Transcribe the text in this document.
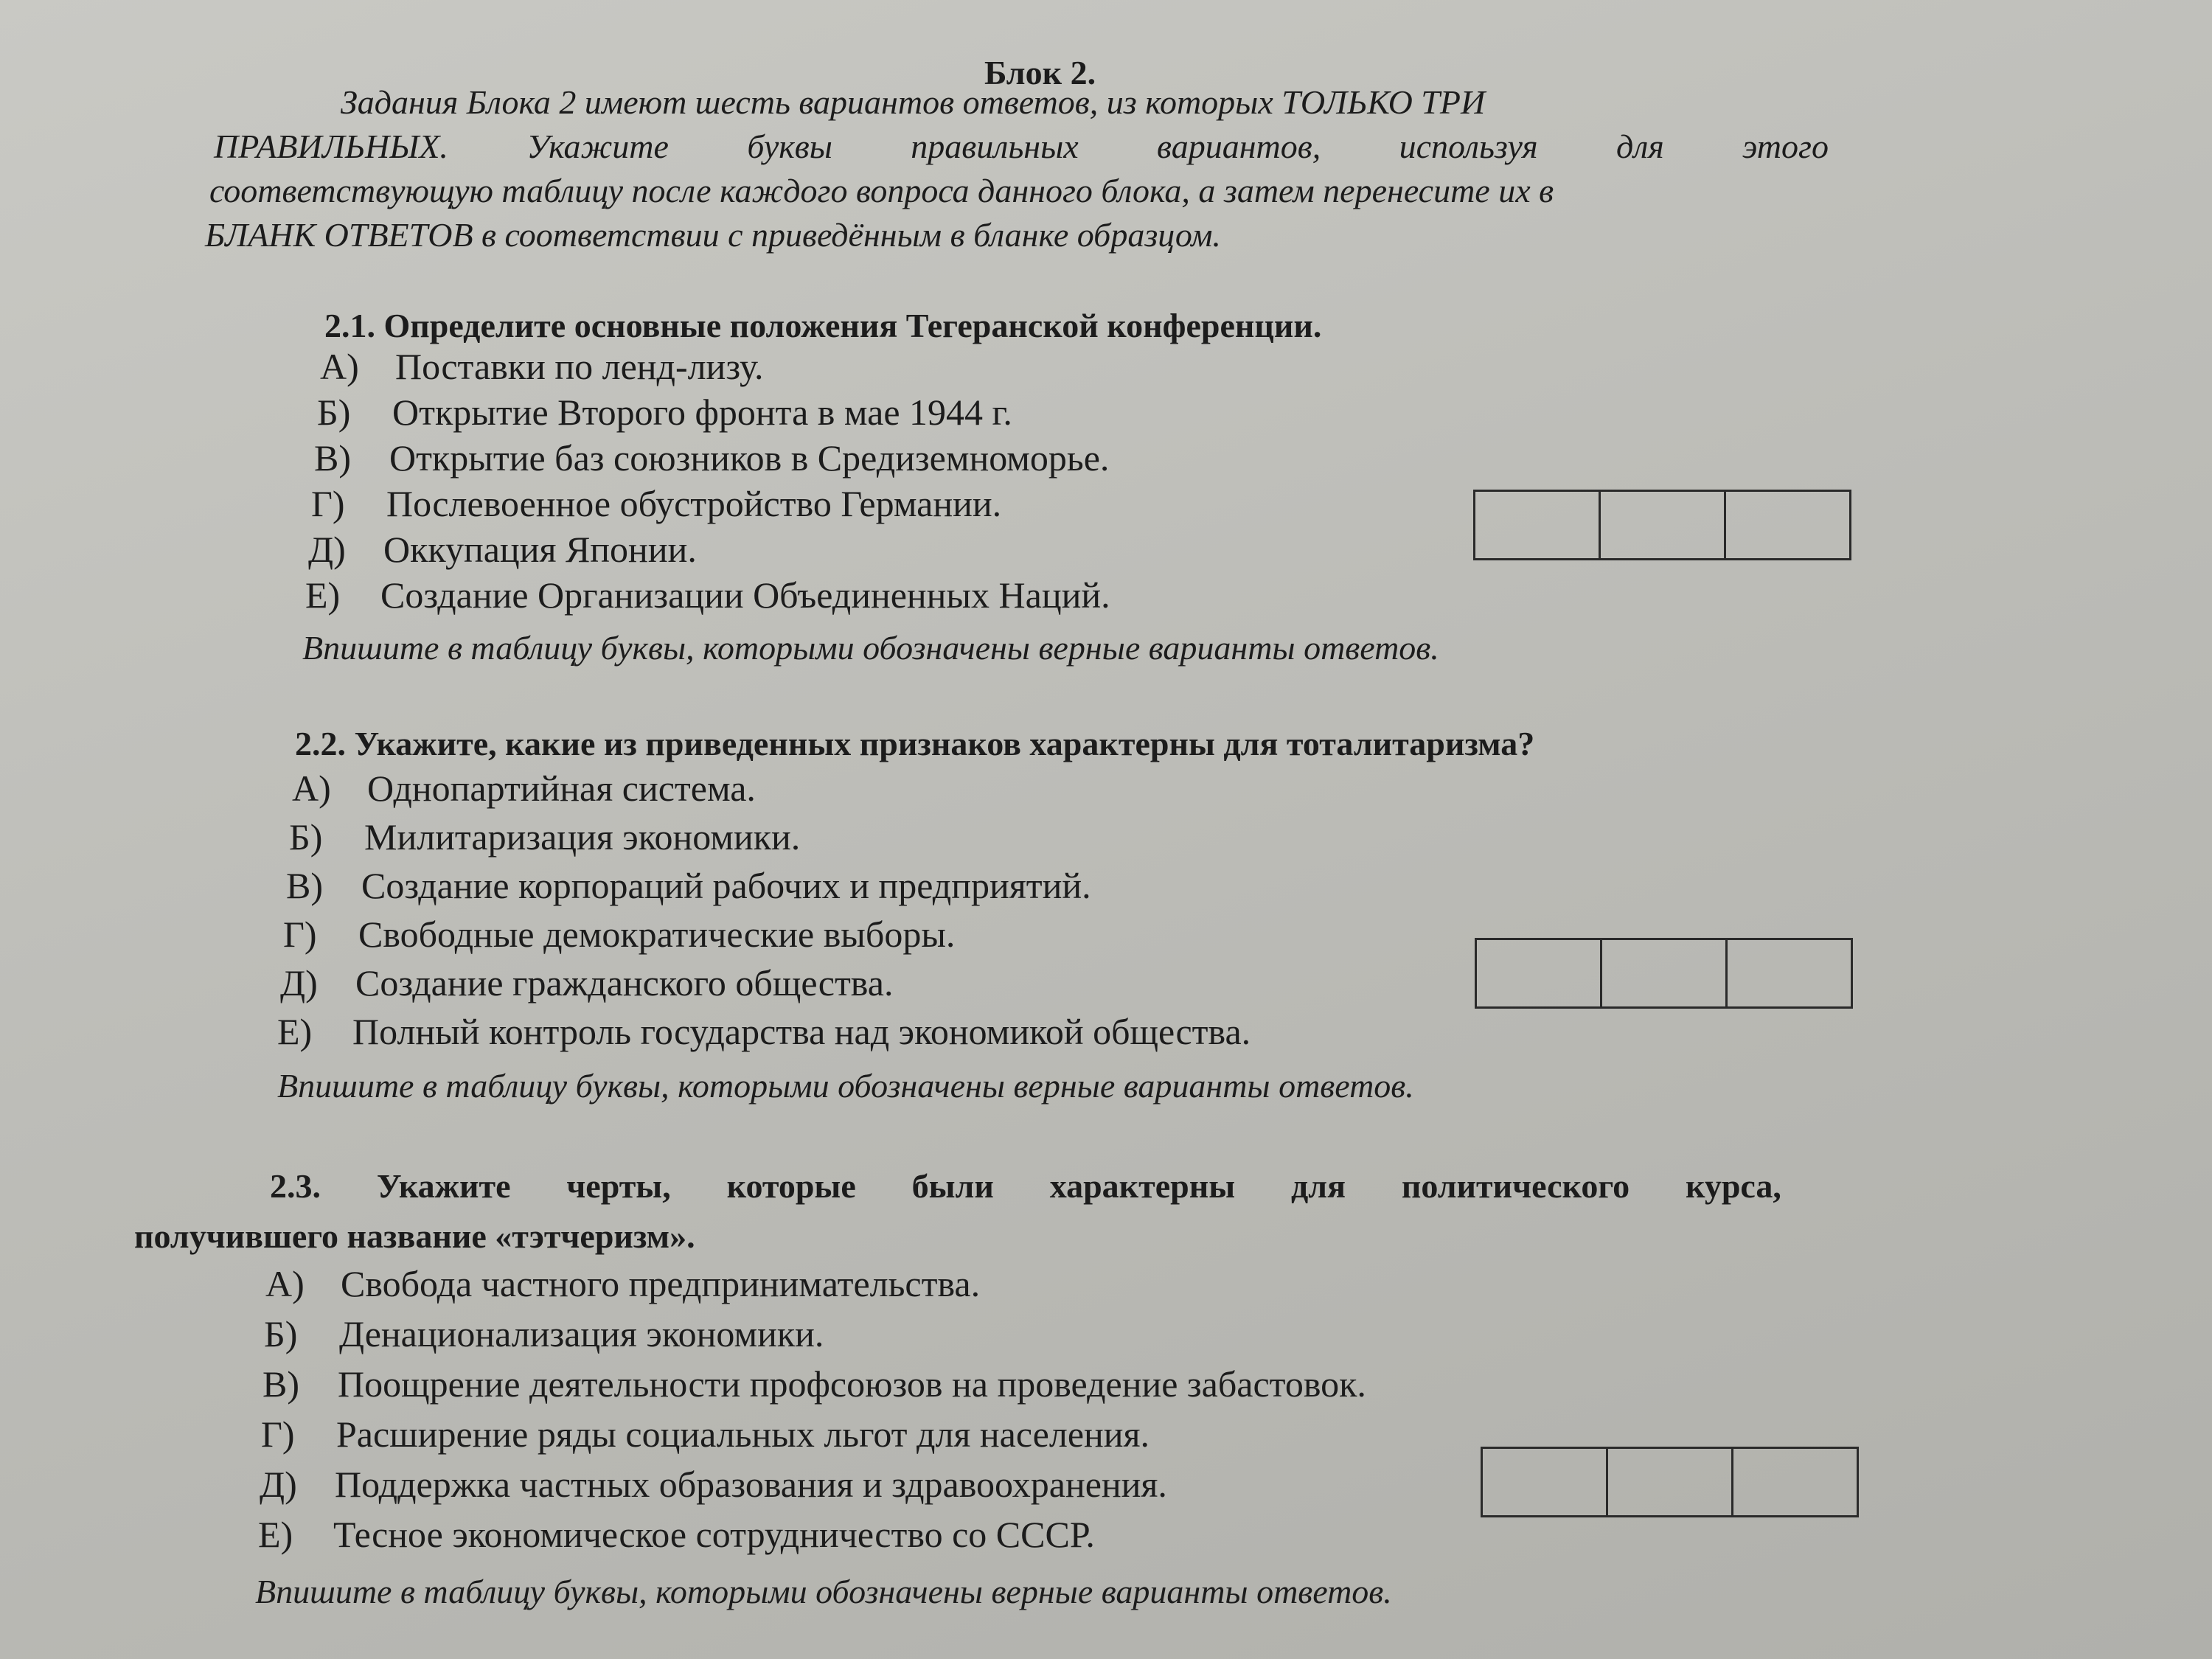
Блок 2.
Задания Блока 2 имеют шесть вариантов ответов, из которых ТОЛЬКО ТРИ
ПРАВИЛЬНЫХ. Укажите буквы правильных вариантов, используя для этого
соответствующую таблицу после каждого вопроса данного блока, а затем перенесите их в
БЛАНК ОТВЕТОВ в соответствии с приведённым в бланке образцом.
2.1. Определите основные положения Тегеранской конференции.
А) Поставки по ленд-лизу.
Б) Открытие Второго фронта в мае 1944 г.
В) Открытие баз союзников в Средиземноморье.
Г) Послевоенное обустройство Германии.
Д) Оккупация Японии.
Е) Создание Организации Объединенных Наций.
Впишите в таблицу буквы, которыми обозначены верные варианты ответов.
2.2. Укажите, какие из приведенных признаков характерны для тоталитаризма?
А) Однопартийная система.
Б) Милитаризация экономики.
В) Создание корпораций рабочих и предприятий.
Г) Свободные демократические выборы.
Д) Создание гражданского общества.
Е) Полный контроль государства над экономикой общества.
Впишите в таблицу буквы, которыми обозначены верные варианты ответов.
2.3. Укажите черты, которые были характерны для политического курса,
получившего название «тэтчеризм».
А) Свобода частного предпринимательства.
Б) Денационализация экономики.
В) Поощрение деятельности профсоюзов на проведение забастовок.
Г) Расширение ряды социальных льгот для населения.
Д) Поддержка частных образования и здравоохранения.
Е) Тесное экономическое сотрудничество со СССР.
Впишите в таблицу буквы, которыми обозначены верные варианты ответов.
